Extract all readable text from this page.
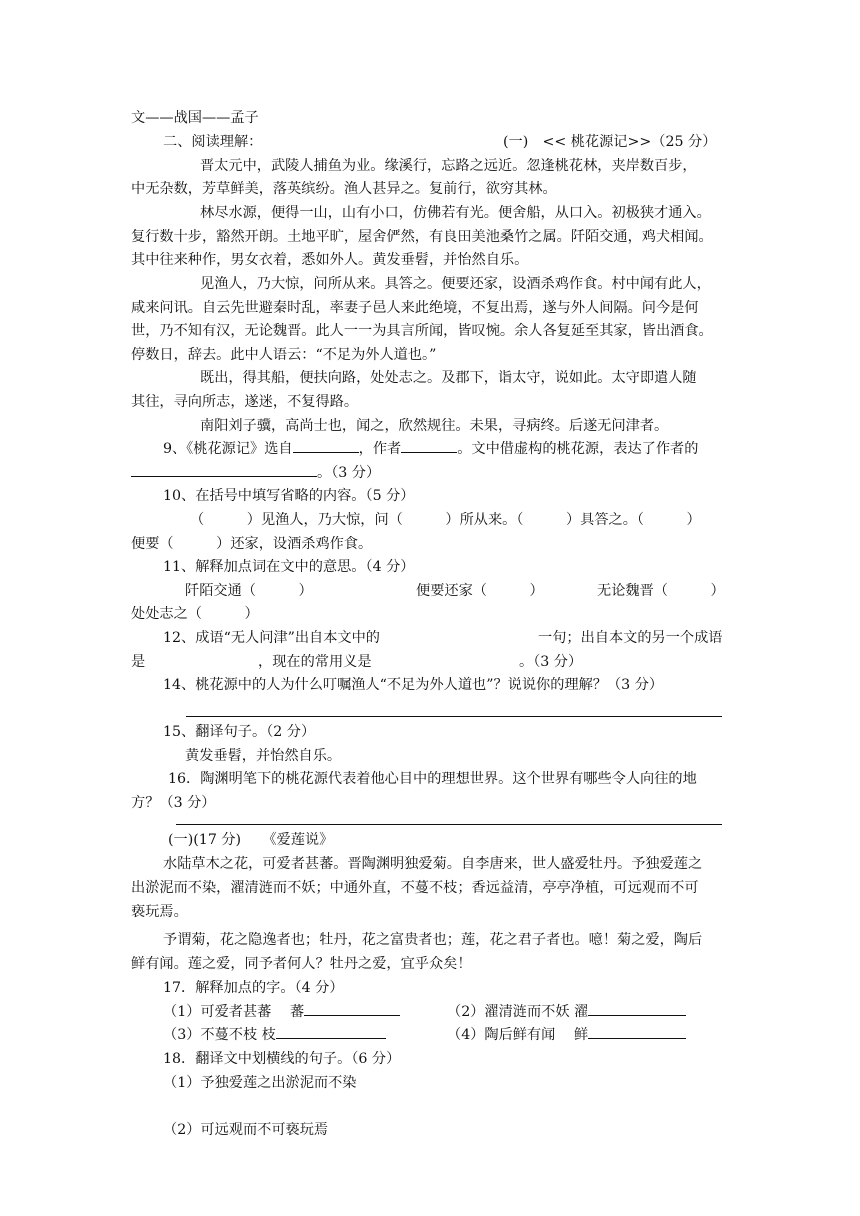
文——战国——孟子
二、阅读理解：	(一)　<< 桃花源记>>（25 分）
晋太元中，武陵人捕鱼为业。缘溪行，忘路之远近。忽逢桃花林，夹岸数百步，
中无杂数，芳草鲜美，落英缤纷。渔人甚异之。复前行，欲穷其林。
林尽水源，便得一山，山有小口，仿佛若有光。便舍船，从口入。初极狭才通入。
复行数十步，豁然开朗。土地平旷，屋舍俨然，有良田美池桑竹之属。阡陌交通，鸡犬相闻。
其中往来种作，男女衣着，悉如外人。黄发垂髫，并怡然自乐。
见渔人，乃大惊，问所从来。具答之。便要还家，设酒杀鸡作食。村中闻有此人，
咸来问讯。自云先世避秦时乱，率妻子邑人来此绝境，不复出焉，遂与外人间隔。问今是何
世，乃不知有汉，无论魏晋。此人一一为具言所闻，皆叹惋。余人各复延至其家，皆出酒食。
停数日，辞去。此中人语云：“不足为外人道也。”
既出，得其船，便扶向路，处处志之。及郡下，诣太守，说如此。太守即遣人随
其往，寻向所志，遂迷，不复得路。
南阳刘子骥，高尚士也，闻之，欣然规往。未果，寻病终。后遂无问津者。
9、《桃花源记》选自	，作者	。文中借虚构的桃花源，表达了作者的
。（3 分）
10、在括号中填写省略的内容。（5 分）
（　　　）见渔人，乃大惊，问（　　　）所从来。（　　　）具答之。（　　　）
便要（　　　）还家，设酒杀鸡作食。
11、解释加点词在文中的意思。（4 分）
阡陌交通（　　　）	便要还家（　　　）	无论魏晋（　　　）
处处志之（　　　）
12、成语“无人问津”出自本文中的	一句；出自本文的另一个成语
是	，现在的常用义是	。（3 分）
14、桃花源中的人为什么叮嘱渔人“不足为外人道也”？说说你的理解？（3 分）
15、翻译句子。（2 分）
黄发垂髫，并怡然自乐。
16．陶渊明笔下的桃花源代表着他心目中的理想世界。这个世界有哪些令人向往的地
方？（3 分）
(一)(17 分)　　《爱莲说》
水陆草木之花，可爱者甚蕃。晋陶渊明独爱菊。自李唐来，世人盛爱牡丹。予独爱莲之
出淤泥而不染，濯清涟而不妖；中通外直，不蔓不枝；香远益清，亭亭净植，可远观而不可
亵玩焉。
予谓菊，花之隐逸者也；牡丹，花之富贵者也；莲，花之君子者也。噫！菊之爱，陶后
鲜有闻。莲之爱，同予者何人？牡丹之爱，宜乎众矣！
17．解释加点的字。（4 分）
（1）可爱者甚蕃　 蕃	（2）濯清涟而不妖 濯
（3）不蔓不枝 枝	（4）陶后鲜有闻　 鲜
18．翻译文中划横线的句子。（6 分）
（1）予独爱莲之出淤泥而不染
（2）可远观而不可亵玩焉
